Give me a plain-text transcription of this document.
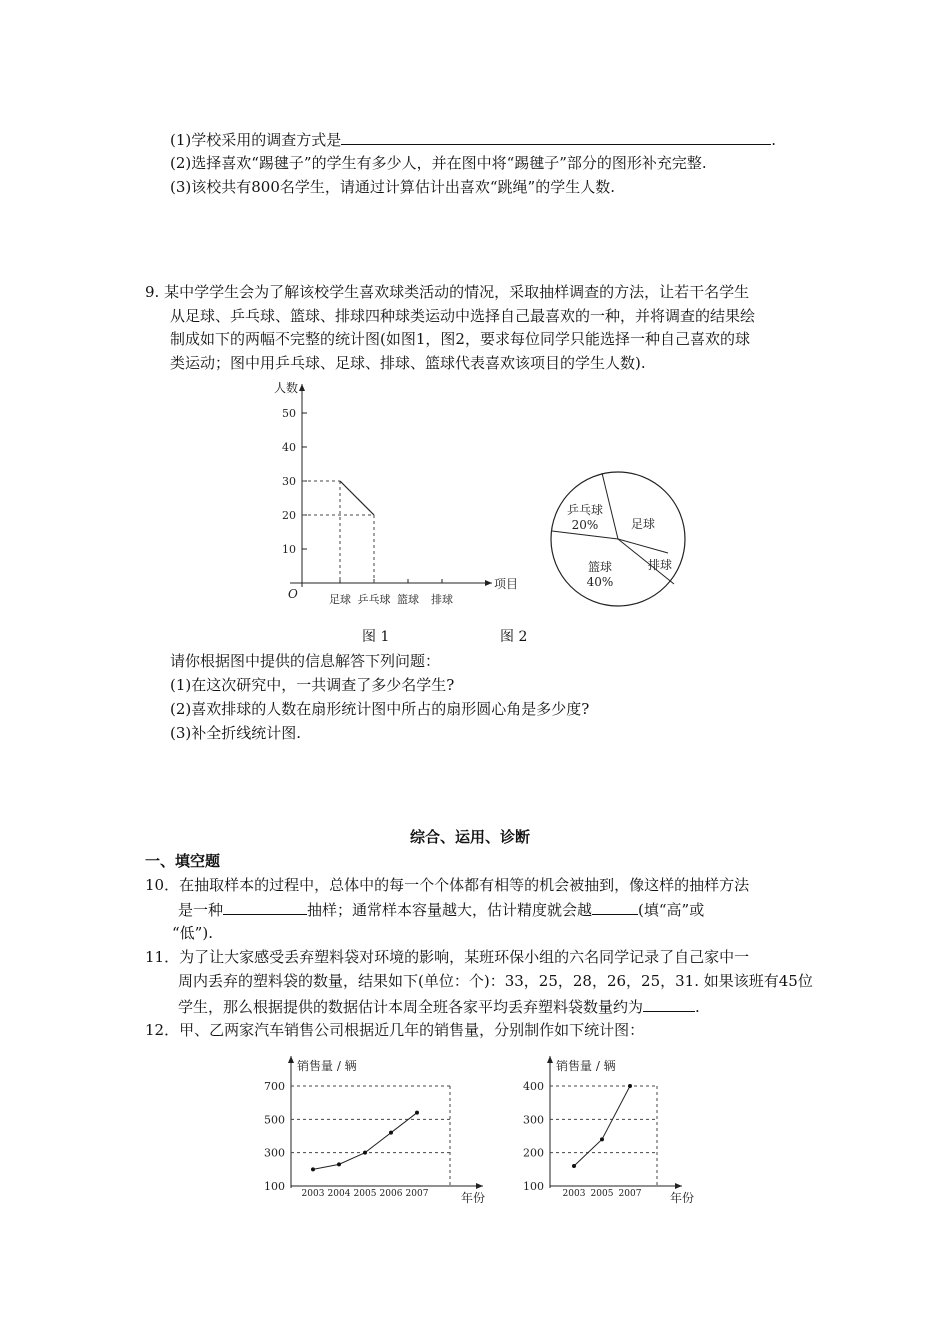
(1)学校采用的调查方式是	.
(2)选择喜欢“踢毽子”的学生有多少人，并在图中将“踢毽子”部分的图形补充完整.
(3)该校共有800名学生，请通过计算估计出喜欢“跳绳”的学生人数.
9. 某中学学生会为了解该校学生喜欢球类活动的情况，采取抽样调查的方法，让若干名学生
从足球、乒乓球、篮球、排球四种球类运动中选择自己最喜欢的一种，并将调查的结果绘
制成如下的两幅不完整的统计图(如图1，图2，要求每位同学只能选择一种自己喜欢的球
类运动；图中用乒乓球、足球、排球、篮球代表喜欢该项目的学生人数).
人数
项目
O
10
20
30
40
50
足球 乒乓球 篮球 排球
乒乓球
20%	足球
排球
篮球
40%
图 1	图 2
请你根据图中提供的信息解答下列问题：
(1)在这次研究中，一共调查了多少名学生?
(2)喜欢排球的人数在扇形统计图中所占的扇形圆心角是多少度?
(3)补全折线统计图.
综合、运用、诊断
一、填空题
10．在抽取样本的过程中，总体中的每一个个体都有相等的机会被抽到，像这样的抽样方法
是一种	抽样；通常样本容量越大，估计精度就会越	(填“高”或
“低”).
11．为了让大家感受丢弃塑料袋对环境的影响，某班环保小组的六名同学记录了自己家中一
周内丢弃的塑料袋的数量，结果如下(单位：个)：33，25，28，26，25，31. 如果该班有45位
学生，那么根据提供的数据估计本周全班各家平均丢弃塑料袋数量约为	.
12．甲、乙两家汽车销售公司根据近几年的销售量，分别制作如下统计图：
销售量 / 辆
年份
100
300
500
700
2003 2004 2005 2006 2007
销售量 / 辆
年份
100
200
300
400
2003 2005 2007
